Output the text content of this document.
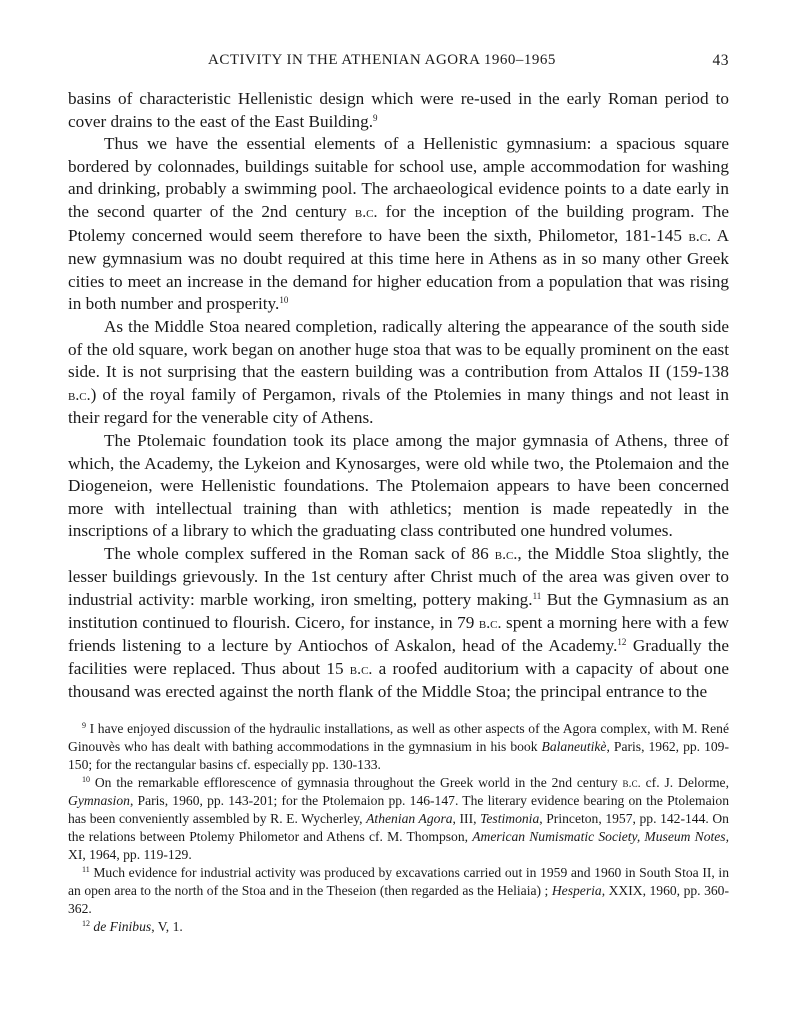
ACTIVITY IN THE ATHENIAN AGORA 1960–1965	43

basins of characteristic Hellenistic design which were re-used in the early Roman period to cover drains to the east of the East Building.$^9$

Thus we have the essential elements of a Hellenistic gymnasium: a spacious square bordered by colonnades, buildings suitable for school use, ample accommodation for washing and drinking, probably a swimming pool. The archaeological evidence points to a date early in the second quarter of the 2nd century b.c. for the inception of the building program. The Ptolemy concerned would seem therefore to have been the sixth, Philometor, 181-145 b.c. A new gymnasium was no doubt required at this time here in Athens as in so many other Greek cities to meet an increase in the demand for higher education from a population that was rising in both number and prosperity.$^{10}$

As the Middle Stoa neared completion, radically altering the appearance of the south side of the old square, work began on another huge stoa that was to be equally prominent on the east side. It is not surprising that the eastern building was a contribution from Attalos II (159-138 b.c.) of the royal family of Pergamon, rivals of the Ptolemies in many things and not least in their regard for the venerable city of Athens.

The Ptolemaic foundation took its place among the major gymnasia of Athens, three of which, the Academy, the Lykeion and Kynosarges, were old while two, the Ptolemaion and the Diogeneion, were Hellenistic foundations. The Ptolemaion appears to have been concerned more with intellectual training than with athletics; mention is made repeatedly in the inscriptions of a library to which the graduating class contributed one hundred volumes.

The whole complex suffered in the Roman sack of 86 b.c., the Middle Stoa slightly, the lesser buildings grievously. In the 1st century after Christ much of the area was given over to industrial activity: marble working, iron smelting, pottery making.$^{11}$ But the Gymnasium as an institution continued to flourish. Cicero, for instance, in 79 b.c. spent a morning here with a few friends listening to a lecture by Antiochos of Askalon, head of the Academy.$^{12}$ Gradually the facilities were replaced. Thus about 15 b.c. a roofed auditorium with a capacity of about one thousand was erected against the north flank of the Middle Stoa; the principal entrance to the

$^9$ I have enjoyed discussion of the hydraulic installations, as well as other aspects of the Agora complex, with M. René Ginouvès who has dealt with bathing accommodations in the gymnasium in his book Balaneutikè, Paris, 1962, pp. 109-150; for the rectangular basins cf. especially pp. 130-133.

$^{10}$ On the remarkable efflorescence of gymnasia throughout the Greek world in the 2nd century b.c. cf. J. Delorme, Gymnasion, Paris, 1960, pp. 143-201; for the Ptolemaion pp. 146-147. The literary evidence bearing on the Ptolemaion has been conveniently assembled by R. E. Wycherley, Athenian Agora, III, Testimonia, Princeton, 1957, pp. 142-144. On the relations between Ptolemy Philometor and Athens cf. M. Thompson, American Numismatic Society, Museum Notes, XI, 1964, pp. 119-129.

$^{11}$ Much evidence for industrial activity was produced by excavations carried out in 1959 and 1960 in South Stoa II, in an open area to the north of the Stoa and in the Theseion (then regarded as the Heliaia) ; Hesperia, XXIX, 1960, pp. 360-362.

$^{12}$ de Finibus, V, 1.
